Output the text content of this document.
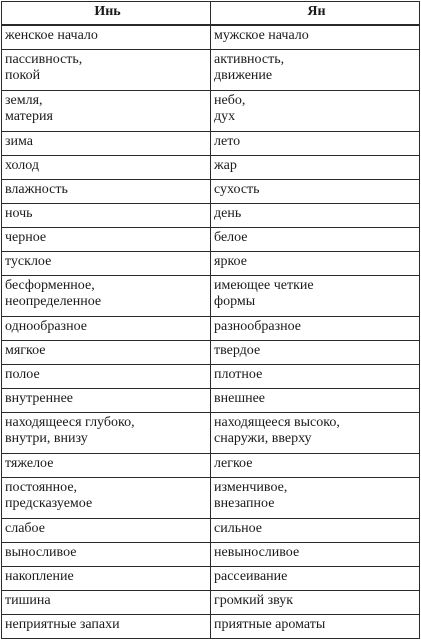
Инь	Ян

женское начало	мужское начало

пассивность,
покой	активность,
движение

земля,
материя	небо,
дух

зима	лето

холод	жар

влажность	сухость

ночь	день

черное	белое

тусклое	яркое

бесформенное,
неопределенное	имеющее четкие
формы

однообразное	разнообразное

мягкое	твердое

полое	плотное

внутреннее	внешнее

находящееся глубоко,
внутри, внизу	находящееся высоко,
снаружи, вверху

тяжелое	легкое

постоянное,
предсказуемое	изменчивое,
внезапное

слабое	сильное

выносливое	невыносливое

накопление	рассеивание

тишина	громкий звук

неприятные запахи	приятные ароматы
